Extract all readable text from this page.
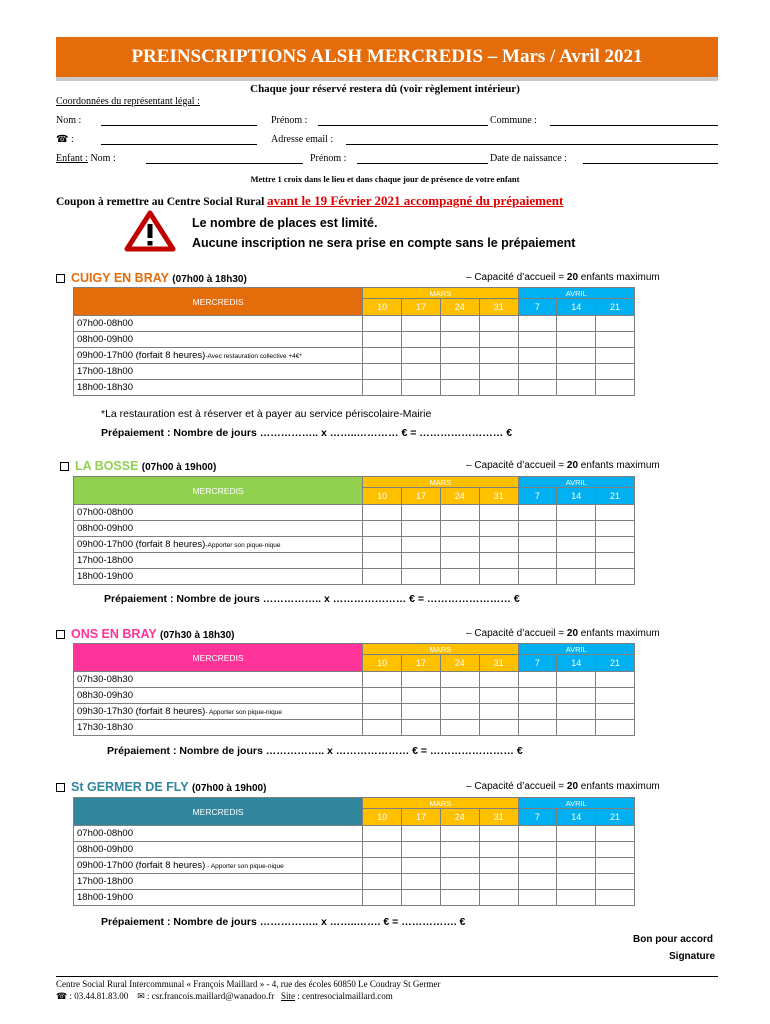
PREINSCRIPTIONS ALSH MERCREDIS – Mars / Avril 2021
Chaque jour réservé restera dû (voir règlement intérieur)
Coordonnées du représentant légal :
Nom :	Prénom :	Commune :
☎ :	Adresse email :
Enfant : Nom :	Prénom :	Date de naissance :
Mettre 1 croix dans le lieu et dans chaque jour de présence de votre enfant
Coupon à remettre au Centre Social Rural avant le 19 Février 2021 accompagné du prépaiement
Le nombre de places est limité.
Aucune inscription ne sera prise en compte sans le prépaiement
CUIGY EN BRAY (07h00 à 18h30)	– Capacité d’accueil = 20 enfants maximum
MERCREDIS	MARS				AVRIL		
	10	17	24	31	7	14	21
07h00-08h00							
08h00-09h00							
09h00-17h00 (forfait 8 heures)-Avec restauration collective +4€*							
17h00-18h00							
18h00-18h30							
*La restauration est à réserver et à payer au service périscolaire-Mairie
Prépaiement : Nombre de jours …………….. x ……..………… € = …………………… €
LA BOSSE (07h00 à 19h00)	– Capacité d’accueil = 20 enfants maximum
MERCREDIS	MARS				AVRIL		
	10	17	24	31	7	14	21
07h00-08h00							
08h00-09h00							
09h00-17h00 (forfait 8 heures)-Apporter son pique-nique							
17h00-18h00							
18h00-19h00							
Prépaiement : Nombre de jours …………….. x ………………… € = …………………… €
ONS EN BRAY (07h30 à 18h30)	– Capacité d’accueil = 20 enfants maximum
MERCREDIS	MARS				AVRIL		
	10	17	24	31	7	14	21
07h30-08h30							
08h30-09h30							
09h30-17h30 (forfait 8 heures)- Apporter son pique-nique							
17h30-18h30							
Prépaiement : Nombre de jours …………….. x ………………… € = …………………… €
St GERMER DE FLY (07h00 à 19h00)	– Capacité d’accueil = 20 enfants maximum
MERCREDIS	MARS				AVRIL		
	10	17	24	31	7	14	21
07h00-08h00							
08h00-09h00							
09h00-17h00 (forfait 8 heures) - Apporter son pique-nique							
17h00-18h00							
18h00-19h00							
Prépaiement : Nombre de jours …………….. x ……..……. € = ……………. €
Bon pour accord
Signature
Centre Social Rural Intercommunal « François Maillard » - 4, rue des écoles 60850 Le Coudray St Germer
☎ : 03.44.81.83.00 ✉ : csr.francois.maillard@wanadoo.fr Site : centresocialmaillard.com
